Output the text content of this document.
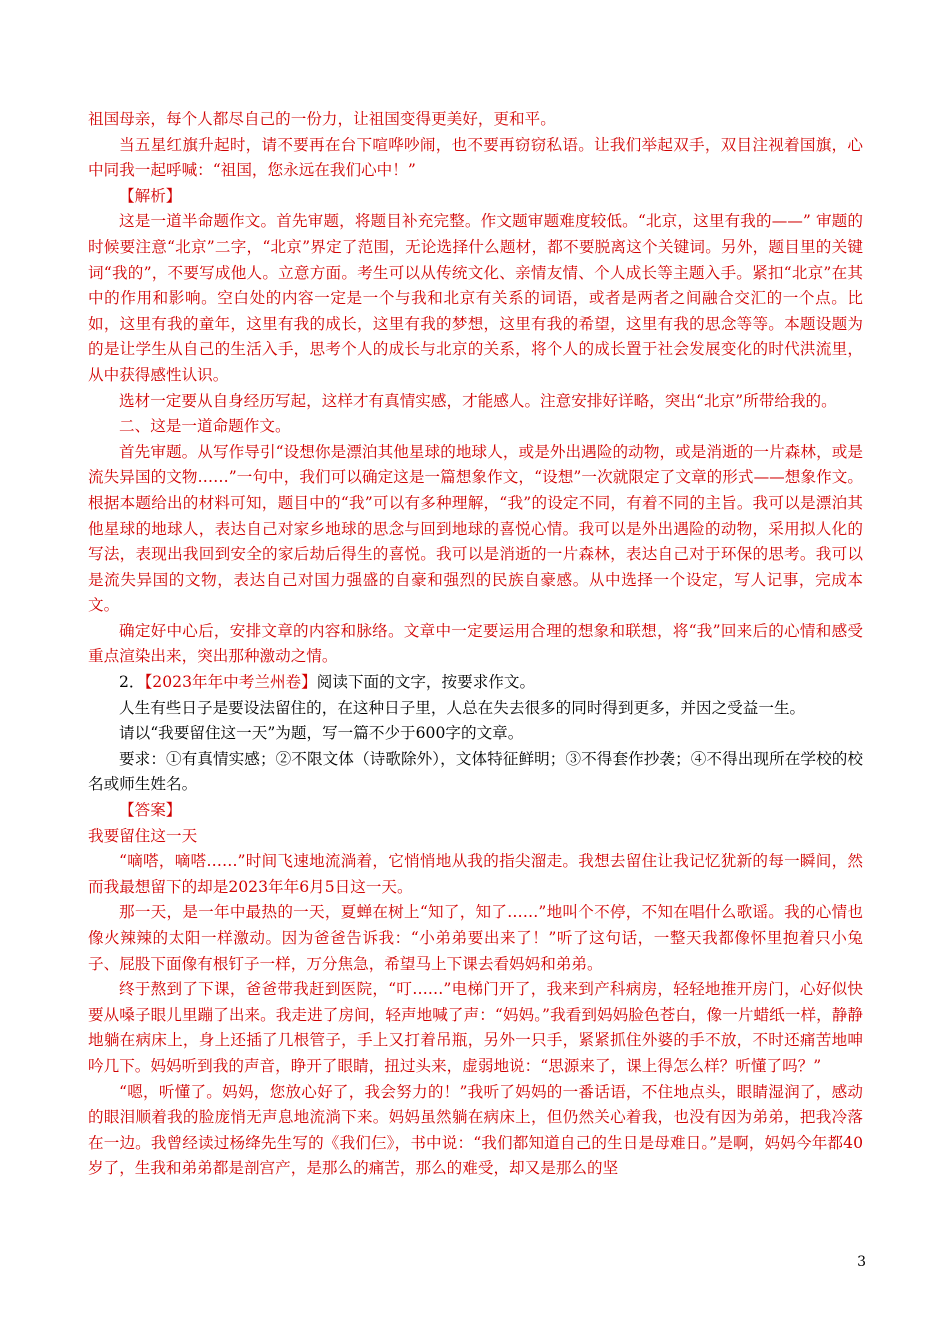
祖国母亲，每个人都尽自己的一份力，让祖国变得更美好，更和平。

当五星红旗升起时，请不要再在台下喧哗吵闹，也不要再窃窃私语。让我们举起双手，双目注视着国旗，心中同我一起呼喊：“祖国，您永远在我们心中！”

【解析】

这是一道半命题作文。首先审题，将题目补充完整。作文题审题难度较低。“北京，这里有我的——” 审题的时候要注意“北京”二字，“北京”界定了范围，无论选择什么题材，都不要脱离这个关键词。另外，题目里的关键词“我的”，不要写成他人。立意方面。考生可以从传统文化、亲情友情、个人成长等主题入手。紧扣“北京”在其中的作用和影响。空白处的内容一定是一个与我和北京有关系的词语，或者是两者之间融合交汇的一个点。比如，这里有我的童年，这里有我的成长，这里有我的梦想，这里有我的希望，这里有我的思念等等。本题设题为的是让学生从自己的生活入手，思考个人的成长与北京的关系，将个人的成长置于社会发展变化的时代洪流里，从中获得感性认识。

选材一定要从自身经历写起，这样才有真情实感，才能感人。注意安排好详略，突出“北京”所带给我的。

二、这是一道命题作文。

首先审题。从写作导引“设想你是漂泊其他星球的地球人，或是外出遇险的动物，或是消逝的一片森林，或是流失异国的文物……”一句中，我们可以确定这是一篇想象作文，“设想”一次就限定了文章的形式——想象作文。根据本题给出的材料可知，题目中的“我”可以有多种理解，“我”的设定不同，有着不同的主旨。我可以是漂泊其他星球的地球人，表达自己对家乡地球的思念与回到地球的喜悦心情。我可以是外出遇险的动物，采用拟人化的写法，表现出我回到安全的家后劫后得生的喜悦。我可以是消逝的一片森林，表达自己对于环保的思考。我可以是流失异国的文物，表达自己对国力强盛的自豪和强烈的民族自豪感。从中选择一个设定，写人记事，完成本文。

确定好中心后，安排文章的内容和脉络。文章中一定要运用合理的想象和联想，将“我”回来后的心情和感受重点渲染出来，突出那种激动之情。

2．【2023年年中考兰州卷】阅读下面的文字，按要求作文。

人生有些日子是要设法留住的，在这种日子里，人总在失去很多的同时得到更多，并因之受益一生。

请以“我要留住这一天”为题，写一篇不少于600字的文章。

要求：①有真情实感；②不限文体（诗歌除外），文体特征鲜明；③不得套作抄袭；④不得出现所在学校的校名或师生姓名。

【答案】

我要留住这一天

“嘀嗒，嘀嗒……”时间飞速地流淌着，它悄悄地从我的指尖溜走。我想去留住让我记忆犹新的每一瞬间，然而我最想留下的却是2023年年6月5日这一天。

那一天，是一年中最热的一天，夏蝉在树上“知了，知了……”地叫个不停，不知在唱什么歌谣。我的心情也像火辣辣的太阳一样激动。因为爸爸告诉我：“小弟弟要出来了！”听了这句话，一整天我都像怀里抱着只小兔子、屁股下面像有根钉子一样，万分焦急，希望马上下课去看妈妈和弟弟。

终于熬到了下课，爸爸带我赶到医院，“叮……”电梯门开了，我来到产科病房，轻轻地推开房门，心好似快要从嗓子眼儿里蹦了出来。我走进了房间，轻声地喊了声：“妈妈。”我看到妈妈脸色苍白，像一片蜡纸一样，静静地躺在病床上，身上还插了几根管子，手上又打着吊瓶，另外一只手，紧紧抓住外婆的手不放，不时还痛苦地呻吟几下。妈妈听到我的声音，睁开了眼睛，扭过头来，虚弱地说：“思源来了，课上得怎么样？听懂了吗？”

“嗯，听懂了。妈妈，您放心好了，我会努力的！”我听了妈妈的一番话语，不住地点头，眼睛湿润了，感动的眼泪顺着我的脸庞悄无声息地流淌下来。妈妈虽然躺在病床上，但仍然关心着我，也没有因为弟弟，把我冷落在一边。我曾经读过杨绛先生写的《我们仨》，书中说：“我们都知道自己的生日是母难日。”是啊，妈妈今年都40岁了，生我和弟弟都是剖宫产，是那么的痛苦，那么的难受，却又是那么的坚

3
